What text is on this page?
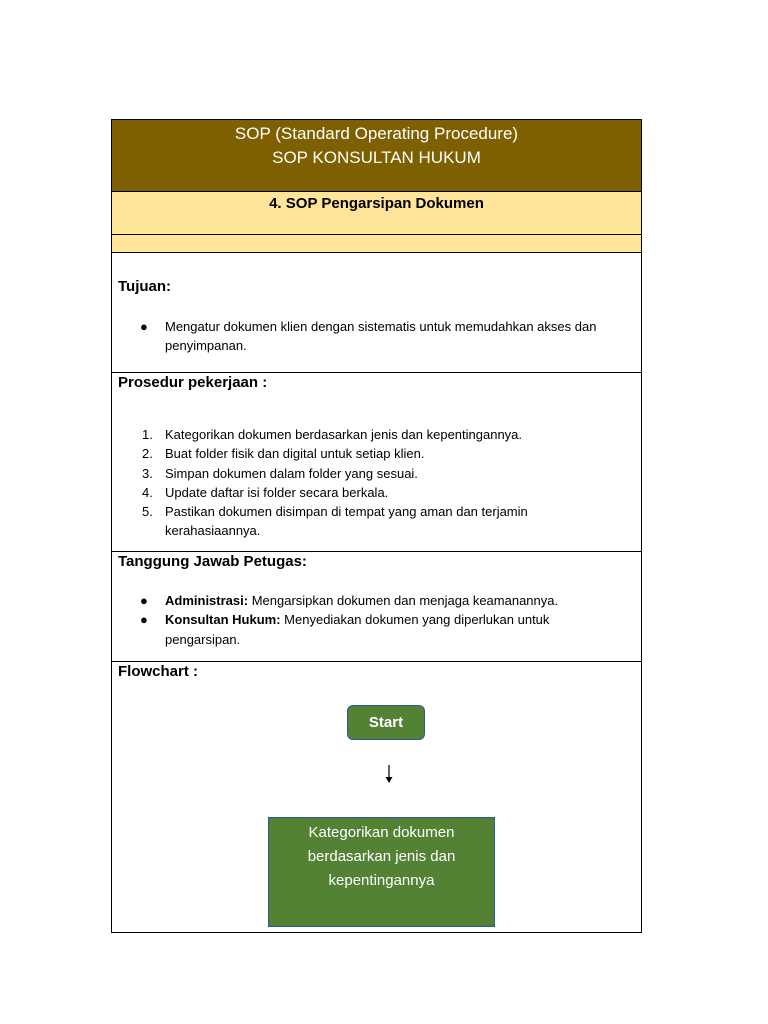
SOP (Standard Operating Procedure)
SOP KONSULTAN HUKUM
4. SOP Pengarsipan Dokumen
Tujuan:
● Mengatur dokumen klien dengan sistematis untuk memudahkan akses dan penyimpanan.
Prosedur pekerjaan :
1. Kategorikan dokumen berdasarkan jenis dan kepentingannya.
2. Buat folder fisik dan digital untuk setiap klien.
3. Simpan dokumen dalam folder yang sesuai.
4. Update daftar isi folder secara berkala.
5. Pastikan dokumen disimpan di tempat yang aman dan terjamin kerahasiaannya.
Tanggung Jawab Petugas:
● Administrasi: Mengarsipkan dokumen dan menjaga keamanannya.
● Konsultan Hukum: Menyediakan dokumen yang diperlukan untuk pengarsipan.
Flowchart :
Start
Kategorikan dokumen berdasarkan jenis dan kepentingannya
